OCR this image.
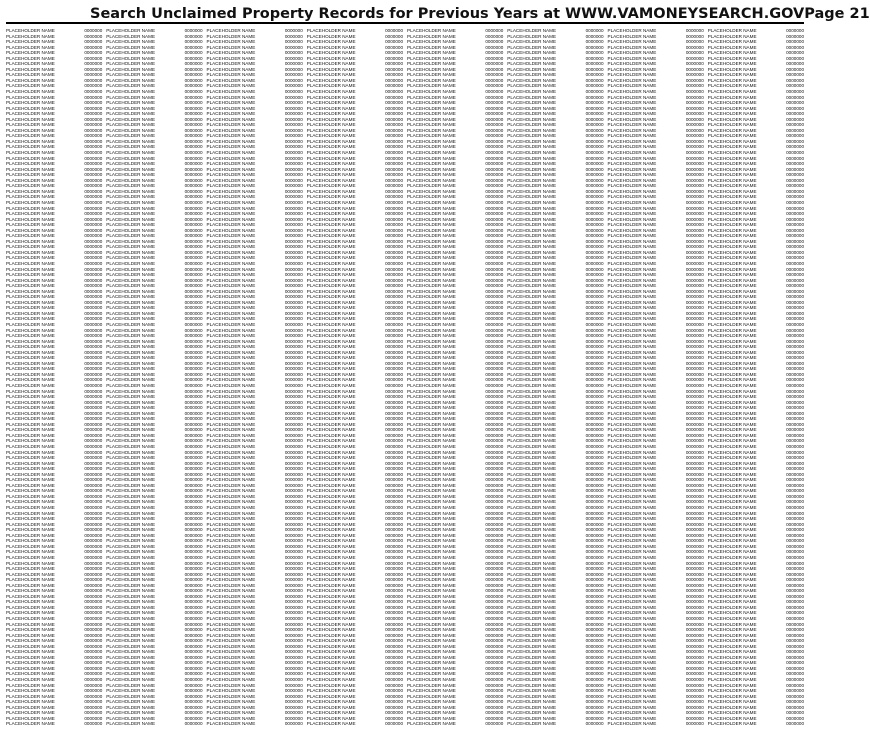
Search Unclaimed Property Records for Previous Years at WWW.VAMONEYSEARCH.GOV Page 21
PLACEHOLDER NAME	0000000
PLACEHOLDER NAME	0000000
PLACEHOLDER NAME	0000000
PLACEHOLDER NAME	0000000
PLACEHOLDER NAME	0000000
PLACEHOLDER NAME	0000000
PLACEHOLDER NAME	0000000
PLACEHOLDER NAME	0000000
PLACEHOLDER NAME	0000000
PLACEHOLDER NAME	0000000
PLACEHOLDER NAME	0000000
PLACEHOLDER NAME	0000000
PLACEHOLDER NAME	0000000
PLACEHOLDER NAME	0000000
PLACEHOLDER NAME	0000000
PLACEHOLDER NAME	0000000
PLACEHOLDER NAME	0000000
PLACEHOLDER NAME	0000000
PLACEHOLDER NAME	0000000
PLACEHOLDER NAME	0000000
PLACEHOLDER NAME	0000000
PLACEHOLDER NAME	0000000
PLACEHOLDER NAME	0000000
PLACEHOLDER NAME	0000000
PLACEHOLDER NAME	0000000
PLACEHOLDER NAME	0000000
PLACEHOLDER NAME	0000000
PLACEHOLDER NAME	0000000
PLACEHOLDER NAME	0000000
PLACEHOLDER NAME	0000000
PLACEHOLDER NAME	0000000
PLACEHOLDER NAME	0000000
PLACEHOLDER NAME	0000000
PLACEHOLDER NAME	0000000
PLACEHOLDER NAME	0000000
PLACEHOLDER NAME	0000000
PLACEHOLDER NAME	0000000
PLACEHOLDER NAME	0000000
PLACEHOLDER NAME	0000000
PLACEHOLDER NAME	0000000
PLACEHOLDER NAME	0000000
PLACEHOLDER NAME	0000000
PLACEHOLDER NAME	0000000
PLACEHOLDER NAME	0000000
PLACEHOLDER NAME	0000000
PLACEHOLDER NAME	0000000
PLACEHOLDER NAME	0000000
PLACEHOLDER NAME	0000000
PLACEHOLDER NAME	0000000
PLACEHOLDER NAME	0000000
PLACEHOLDER NAME	0000000
PLACEHOLDER NAME	0000000
PLACEHOLDER NAME	0000000
PLACEHOLDER NAME	0000000
PLACEHOLDER NAME	0000000
PLACEHOLDER NAME	0000000
PLACEHOLDER NAME	0000000
PLACEHOLDER NAME	0000000
PLACEHOLDER NAME	0000000
PLACEHOLDER NAME	0000000
PLACEHOLDER NAME	0000000
PLACEHOLDER NAME	0000000
PLACEHOLDER NAME	0000000
PLACEHOLDER NAME	0000000
PLACEHOLDER NAME	0000000
PLACEHOLDER NAME	0000000
PLACEHOLDER NAME	0000000
PLACEHOLDER NAME	0000000
PLACEHOLDER NAME	0000000
PLACEHOLDER NAME	0000000
PLACEHOLDER NAME	0000000
PLACEHOLDER NAME	0000000
PLACEHOLDER NAME	0000000
PLACEHOLDER NAME	0000000
PLACEHOLDER NAME	0000000
PLACEHOLDER NAME	0000000
PLACEHOLDER NAME	0000000
PLACEHOLDER NAME	0000000
PLACEHOLDER NAME	0000000
PLACEHOLDER NAME	0000000
PLACEHOLDER NAME	0000000
PLACEHOLDER NAME	0000000
PLACEHOLDER NAME	0000000
PLACEHOLDER NAME	0000000
PLACEHOLDER NAME	0000000
PLACEHOLDER NAME	0000000
PLACEHOLDER NAME	0000000
PLACEHOLDER NAME	0000000
PLACEHOLDER NAME	0000000
PLACEHOLDER NAME	0000000
PLACEHOLDER NAME	0000000
PLACEHOLDER NAME	0000000
PLACEHOLDER NAME	0000000
PLACEHOLDER NAME	0000000
PLACEHOLDER NAME	0000000
PLACEHOLDER NAME	0000000
PLACEHOLDER NAME	0000000
PLACEHOLDER NAME	0000000
PLACEHOLDER NAME	0000000
PLACEHOLDER NAME	0000000
PLACEHOLDER NAME	0000000
PLACEHOLDER NAME	0000000
PLACEHOLDER NAME	0000000
PLACEHOLDER NAME	0000000
PLACEHOLDER NAME	0000000
PLACEHOLDER NAME	0000000
PLACEHOLDER NAME	0000000
PLACEHOLDER NAME	0000000
PLACEHOLDER NAME	0000000
PLACEHOLDER NAME	0000000
PLACEHOLDER NAME	0000000
PLACEHOLDER NAME	0000000
PLACEHOLDER NAME	0000000
PLACEHOLDER NAME	0000000
PLACEHOLDER NAME	0000000
PLACEHOLDER NAME	0000000
PLACEHOLDER NAME	0000000
PLACEHOLDER NAME	0000000
PLACEHOLDER NAME	0000000
PLACEHOLDER NAME	0000000
PLACEHOLDER NAME	0000000
PLACEHOLDER NAME	0000000
PLACEHOLDER NAME	0000000
PLACEHOLDER NAME	0000000
PLACEHOLDER NAME	0000000
PLACEHOLDER NAME	0000000
PLACEHOLDER NAME	0000000
PLACEHOLDER NAME	0000000
PLACEHOLDER NAME	0000000
PLACEHOLDER NAME	0000000
PLACEHOLDER NAME	0000000
PLACEHOLDER NAME	0000000
PLACEHOLDER NAME	0000000
PLACEHOLDER NAME	0000000
PLACEHOLDER NAME	0000000
PLACEHOLDER NAME	0000000
PLACEHOLDER NAME	0000000
PLACEHOLDER NAME	0000000
PLACEHOLDER NAME	0000000
PLACEHOLDER NAME	0000000
PLACEHOLDER NAME	0000000
PLACEHOLDER NAME	0000000
PLACEHOLDER NAME	0000000
PLACEHOLDER NAME	0000000
PLACEHOLDER NAME	0000000
PLACEHOLDER NAME	0000000
PLACEHOLDER NAME	0000000
PLACEHOLDER NAME	0000000
PLACEHOLDER NAME	0000000
PLACEHOLDER NAME	0000000
PLACEHOLDER NAME	0000000
PLACEHOLDER NAME	0000000
PLACEHOLDER NAME	0000000
PLACEHOLDER NAME	0000000
PLACEHOLDER NAME	0000000
PLACEHOLDER NAME	0000000
PLACEHOLDER NAME	0000000
PLACEHOLDER NAME	0000000
PLACEHOLDER NAME	0000000
PLACEHOLDER NAME	0000000
PLACEHOLDER NAME	0000000
PLACEHOLDER NAME	0000000
PLACEHOLDER NAME	0000000
PLACEHOLDER NAME	0000000
PLACEHOLDER NAME	0000000
PLACEHOLDER NAME	0000000
PLACEHOLDER NAME	0000000
PLACEHOLDER NAME	0000000
PLACEHOLDER NAME	0000000
PLACEHOLDER NAME	0000000
PLACEHOLDER NAME	0000000
PLACEHOLDER NAME	0000000
PLACEHOLDER NAME	0000000
PLACEHOLDER NAME	0000000
PLACEHOLDER NAME	0000000
PLACEHOLDER NAME	0000000
PLACEHOLDER NAME	0000000
PLACEHOLDER NAME	0000000
PLACEHOLDER NAME	0000000
PLACEHOLDER NAME	0000000
PLACEHOLDER NAME	0000000
PLACEHOLDER NAME	0000000
PLACEHOLDER NAME	0000000
PLACEHOLDER NAME	0000000
PLACEHOLDER NAME	0000000
PLACEHOLDER NAME	0000000
PLACEHOLDER NAME	0000000
PLACEHOLDER NAME	0000000
PLACEHOLDER NAME	0000000
PLACEHOLDER NAME	0000000
PLACEHOLDER NAME	0000000
PLACEHOLDER NAME	0000000
PLACEHOLDER NAME	0000000
PLACEHOLDER NAME	0000000
PLACEHOLDER NAME	0000000
PLACEHOLDER NAME	0000000
PLACEHOLDER NAME	0000000
PLACEHOLDER NAME	0000000
PLACEHOLDER NAME	0000000
PLACEHOLDER NAME	0000000
PLACEHOLDER NAME	0000000
PLACEHOLDER NAME	0000000
PLACEHOLDER NAME	0000000
PLACEHOLDER NAME	0000000
PLACEHOLDER NAME	0000000
PLACEHOLDER NAME	0000000
PLACEHOLDER NAME	0000000
PLACEHOLDER NAME	0000000
PLACEHOLDER NAME	0000000
PLACEHOLDER NAME	0000000
PLACEHOLDER NAME	0000000
PLACEHOLDER NAME	0000000
PLACEHOLDER NAME	0000000
PLACEHOLDER NAME	0000000
PLACEHOLDER NAME	0000000
PLACEHOLDER NAME	0000000
PLACEHOLDER NAME	0000000
PLACEHOLDER NAME	0000000
PLACEHOLDER NAME	0000000
PLACEHOLDER NAME	0000000
PLACEHOLDER NAME	0000000
PLACEHOLDER NAME	0000000
PLACEHOLDER NAME	0000000
PLACEHOLDER NAME	0000000
PLACEHOLDER NAME	0000000
PLACEHOLDER NAME	0000000
PLACEHOLDER NAME	0000000
PLACEHOLDER NAME	0000000
PLACEHOLDER NAME	0000000
PLACEHOLDER NAME	0000000
PLACEHOLDER NAME	0000000
PLACEHOLDER NAME	0000000
PLACEHOLDER NAME	0000000
PLACEHOLDER NAME	0000000
PLACEHOLDER NAME	0000000
PLACEHOLDER NAME	0000000
PLACEHOLDER NAME	0000000
PLACEHOLDER NAME	0000000
PLACEHOLDER NAME	0000000
PLACEHOLDER NAME	0000000
PLACEHOLDER NAME	0000000
PLACEHOLDER NAME	0000000
PLACEHOLDER NAME	0000000
PLACEHOLDER NAME	0000000
PLACEHOLDER NAME	0000000
PLACEHOLDER NAME	0000000
PLACEHOLDER NAME	0000000
PLACEHOLDER NAME	0000000
PLACEHOLDER NAME	0000000
PLACEHOLDER NAME	0000000
PLACEHOLDER NAME	0000000
PLACEHOLDER NAME	0000000
PLACEHOLDER NAME	0000000
PLACEHOLDER NAME	0000000
PLACEHOLDER NAME	0000000
PLACEHOLDER NAME	0000000
PLACEHOLDER NAME	0000000
PLACEHOLDER NAME	0000000
PLACEHOLDER NAME	0000000
PLACEHOLDER NAME	0000000
PLACEHOLDER NAME	0000000
PLACEHOLDER NAME	0000000
PLACEHOLDER NAME	0000000
PLACEHOLDER NAME	0000000
PLACEHOLDER NAME	0000000
PLACEHOLDER NAME	0000000
PLACEHOLDER NAME	0000000
PLACEHOLDER NAME	0000000
PLACEHOLDER NAME	0000000
PLACEHOLDER NAME	0000000
PLACEHOLDER NAME	0000000
PLACEHOLDER NAME	0000000
PLACEHOLDER NAME	0000000
PLACEHOLDER NAME	0000000
PLACEHOLDER NAME	0000000
PLACEHOLDER NAME	0000000
PLACEHOLDER NAME	0000000
PLACEHOLDER NAME	0000000
PLACEHOLDER NAME	0000000
PLACEHOLDER NAME	0000000
PLACEHOLDER NAME	0000000
PLACEHOLDER NAME	0000000
PLACEHOLDER NAME	0000000
PLACEHOLDER NAME	0000000
PLACEHOLDER NAME	0000000
PLACEHOLDER NAME	0000000
PLACEHOLDER NAME	0000000
PLACEHOLDER NAME	0000000
PLACEHOLDER NAME	0000000
PLACEHOLDER NAME	0000000
PLACEHOLDER NAME	0000000
PLACEHOLDER NAME	0000000
PLACEHOLDER NAME	0000000
PLACEHOLDER NAME	0000000
PLACEHOLDER NAME	0000000
PLACEHOLDER NAME	0000000
PLACEHOLDER NAME	0000000
PLACEHOLDER NAME	0000000
PLACEHOLDER NAME	0000000
PLACEHOLDER NAME	0000000
PLACEHOLDER NAME	0000000
PLACEHOLDER NAME	0000000
PLACEHOLDER NAME	0000000
PLACEHOLDER NAME	0000000
PLACEHOLDER NAME	0000000
PLACEHOLDER NAME	0000000
PLACEHOLDER NAME	0000000
PLACEHOLDER NAME	0000000
PLACEHOLDER NAME	0000000
PLACEHOLDER NAME	0000000
PLACEHOLDER NAME	0000000
PLACEHOLDER NAME	0000000
PLACEHOLDER NAME	0000000
PLACEHOLDER NAME	0000000
PLACEHOLDER NAME	0000000
PLACEHOLDER NAME	0000000
PLACEHOLDER NAME	0000000
PLACEHOLDER NAME	0000000
PLACEHOLDER NAME	0000000
PLACEHOLDER NAME	0000000
PLACEHOLDER NAME	0000000
PLACEHOLDER NAME	0000000
PLACEHOLDER NAME	0000000
PLACEHOLDER NAME	0000000
PLACEHOLDER NAME	0000000
PLACEHOLDER NAME	0000000
PLACEHOLDER NAME	0000000
PLACEHOLDER NAME	0000000
PLACEHOLDER NAME	0000000
PLACEHOLDER NAME	0000000
PLACEHOLDER NAME	0000000
PLACEHOLDER NAME	0000000
PLACEHOLDER NAME	0000000
PLACEHOLDER NAME	0000000
PLACEHOLDER NAME	0000000
PLACEHOLDER NAME	0000000
PLACEHOLDER NAME	0000000
PLACEHOLDER NAME	0000000
PLACEHOLDER NAME	0000000
PLACEHOLDER NAME	0000000
PLACEHOLDER NAME	0000000
PLACEHOLDER NAME	0000000
PLACEHOLDER NAME	0000000
PLACEHOLDER NAME	0000000
PLACEHOLDER NAME	0000000
PLACEHOLDER NAME	0000000
PLACEHOLDER NAME	0000000
PLACEHOLDER NAME	0000000
PLACEHOLDER NAME	0000000
PLACEHOLDER NAME	0000000
PLACEHOLDER NAME	0000000
PLACEHOLDER NAME	0000000
PLACEHOLDER NAME	0000000
PLACEHOLDER NAME	0000000
PLACEHOLDER NAME	0000000
PLACEHOLDER NAME	0000000
PLACEHOLDER NAME	0000000
PLACEHOLDER NAME	0000000
PLACEHOLDER NAME	0000000
PLACEHOLDER NAME	0000000
PLACEHOLDER NAME	0000000
PLACEHOLDER NAME	0000000
PLACEHOLDER NAME	0000000
PLACEHOLDER NAME	0000000
PLACEHOLDER NAME	0000000
PLACEHOLDER NAME	0000000
PLACEHOLDER NAME	0000000
PLACEHOLDER NAME	0000000
PLACEHOLDER NAME	0000000
PLACEHOLDER NAME	0000000
PLACEHOLDER NAME	0000000
PLACEHOLDER NAME	0000000
PLACEHOLDER NAME	0000000
PLACEHOLDER NAME	0000000
PLACEHOLDER NAME	0000000
PLACEHOLDER NAME	0000000
PLACEHOLDER NAME	0000000
PLACEHOLDER NAME	0000000
PLACEHOLDER NAME	0000000
PLACEHOLDER NAME	0000000
PLACEHOLDER NAME	0000000
PLACEHOLDER NAME	0000000
PLACEHOLDER NAME	0000000
PLACEHOLDER NAME	0000000
PLACEHOLDER NAME	0000000
PLACEHOLDER NAME	0000000
PLACEHOLDER NAME	0000000
PLACEHOLDER NAME	0000000
PLACEHOLDER NAME	0000000
PLACEHOLDER NAME	0000000
PLACEHOLDER NAME	0000000
PLACEHOLDER NAME	0000000
PLACEHOLDER NAME	0000000
PLACEHOLDER NAME	0000000
PLACEHOLDER NAME	0000000
PLACEHOLDER NAME	0000000
PLACEHOLDER NAME	0000000
PLACEHOLDER NAME	0000000
PLACEHOLDER NAME	0000000
PLACEHOLDER NAME	0000000
PLACEHOLDER NAME	0000000
PLACEHOLDER NAME	0000000
PLACEHOLDER NAME	0000000
PLACEHOLDER NAME	0000000
PLACEHOLDER NAME	0000000
PLACEHOLDER NAME	0000000
PLACEHOLDER NAME	0000000
PLACEHOLDER NAME	0000000
PLACEHOLDER NAME	0000000
PLACEHOLDER NAME	0000000
PLACEHOLDER NAME	0000000
PLACEHOLDER NAME	0000000
PLACEHOLDER NAME	0000000
PLACEHOLDER NAME	0000000
PLACEHOLDER NAME	0000000
PLACEHOLDER NAME	0000000
PLACEHOLDER NAME	0000000
PLACEHOLDER NAME	0000000
PLACEHOLDER NAME	0000000
PLACEHOLDER NAME	0000000
PLACEHOLDER NAME	0000000
PLACEHOLDER NAME	0000000
PLACEHOLDER NAME	0000000
PLACEHOLDER NAME	0000000
PLACEHOLDER NAME	0000000
PLACEHOLDER NAME	0000000
PLACEHOLDER NAME	0000000
PLACEHOLDER NAME	0000000
PLACEHOLDER NAME	0000000
PLACEHOLDER NAME	0000000
PLACEHOLDER NAME	0000000
PLACEHOLDER NAME	0000000
PLACEHOLDER NAME	0000000
PLACEHOLDER NAME	0000000
PLACEHOLDER NAME	0000000
PLACEHOLDER NAME	0000000
PLACEHOLDER NAME	0000000
PLACEHOLDER NAME	0000000
PLACEHOLDER NAME	0000000
PLACEHOLDER NAME	0000000
PLACEHOLDER NAME	0000000
PLACEHOLDER NAME	0000000
PLACEHOLDER NAME	0000000
PLACEHOLDER NAME	0000000
PLACEHOLDER NAME	0000000
PLACEHOLDER NAME	0000000
PLACEHOLDER NAME	0000000
PLACEHOLDER NAME	0000000
PLACEHOLDER NAME	0000000
PLACEHOLDER NAME	0000000
PLACEHOLDER NAME	0000000
PLACEHOLDER NAME	0000000
PLACEHOLDER NAME	0000000
PLACEHOLDER NAME	0000000
PLACEHOLDER NAME	0000000
PLACEHOLDER NAME	0000000
PLACEHOLDER NAME	0000000
PLACEHOLDER NAME	0000000
PLACEHOLDER NAME	0000000
PLACEHOLDER NAME	0000000
PLACEHOLDER NAME	0000000
PLACEHOLDER NAME	0000000
PLACEHOLDER NAME	0000000
PLACEHOLDER NAME	0000000
PLACEHOLDER NAME	0000000
PLACEHOLDER NAME	0000000
PLACEHOLDER NAME	0000000
PLACEHOLDER NAME	0000000
PLACEHOLDER NAME	0000000
PLACEHOLDER NAME	0000000
PLACEHOLDER NAME	0000000
PLACEHOLDER NAME	0000000
PLACEHOLDER NAME	0000000
PLACEHOLDER NAME	0000000
PLACEHOLDER NAME	0000000
PLACEHOLDER NAME	0000000
PLACEHOLDER NAME	0000000
PLACEHOLDER NAME	0000000
PLACEHOLDER NAME	0000000
PLACEHOLDER NAME	0000000
PLACEHOLDER NAME	0000000
PLACEHOLDER NAME	0000000
PLACEHOLDER NAME	0000000
PLACEHOLDER NAME	0000000
PLACEHOLDER NAME	0000000
PLACEHOLDER NAME	0000000
PLACEHOLDER NAME	0000000
PLACEHOLDER NAME	0000000
PLACEHOLDER NAME	0000000
PLACEHOLDER NAME	0000000
PLACEHOLDER NAME	0000000
PLACEHOLDER NAME	0000000
PLACEHOLDER NAME	0000000
PLACEHOLDER NAME	0000000
PLACEHOLDER NAME	0000000
PLACEHOLDER NAME	0000000
PLACEHOLDER NAME	0000000
PLACEHOLDER NAME	0000000
PLACEHOLDER NAME	0000000
PLACEHOLDER NAME	0000000
PLACEHOLDER NAME	0000000
PLACEHOLDER NAME	0000000
PLACEHOLDER NAME	0000000
PLACEHOLDER NAME	0000000
PLACEHOLDER NAME	0000000
PLACEHOLDER NAME	0000000
PLACEHOLDER NAME	0000000
PLACEHOLDER NAME	0000000
PLACEHOLDER NAME	0000000
PLACEHOLDER NAME	0000000
PLACEHOLDER NAME	0000000
PLACEHOLDER NAME	0000000
PLACEHOLDER NAME	0000000
PLACEHOLDER NAME	0000000
PLACEHOLDER NAME	0000000
PLACEHOLDER NAME	0000000
PLACEHOLDER NAME	0000000
PLACEHOLDER NAME	0000000
PLACEHOLDER NAME	0000000
PLACEHOLDER NAME	0000000
PLACEHOLDER NAME	0000000
PLACEHOLDER NAME	0000000
PLACEHOLDER NAME	0000000
PLACEHOLDER NAME	0000000
PLACEHOLDER NAME	0000000
PLACEHOLDER NAME	0000000
PLACEHOLDER NAME	0000000
PLACEHOLDER NAME	0000000
PLACEHOLDER NAME	0000000
PLACEHOLDER NAME	0000000
PLACEHOLDER NAME	0000000
PLACEHOLDER NAME	0000000
PLACEHOLDER NAME	0000000
PLACEHOLDER NAME	0000000
PLACEHOLDER NAME	0000000
PLACEHOLDER NAME	0000000
PLACEHOLDER NAME	0000000
PLACEHOLDER NAME	0000000
PLACEHOLDER NAME	0000000
PLACEHOLDER NAME	0000000
PLACEHOLDER NAME	0000000
PLACEHOLDER NAME	0000000
PLACEHOLDER NAME	0000000
PLACEHOLDER NAME	0000000
PLACEHOLDER NAME	0000000
PLACEHOLDER NAME	0000000
PLACEHOLDER NAME	0000000
PLACEHOLDER NAME	0000000
PLACEHOLDER NAME	0000000
PLACEHOLDER NAME	0000000
PLACEHOLDER NAME	0000000
PLACEHOLDER NAME	0000000
PLACEHOLDER NAME	0000000
PLACEHOLDER NAME	0000000
PLACEHOLDER NAME	0000000
PLACEHOLDER NAME	0000000
PLACEHOLDER NAME	0000000
PLACEHOLDER NAME	0000000
PLACEHOLDER NAME	0000000
PLACEHOLDER NAME	0000000
PLACEHOLDER NAME	0000000
PLACEHOLDER NAME	0000000
PLACEHOLDER NAME	0000000
PLACEHOLDER NAME	0000000
PLACEHOLDER NAME	0000000
PLACEHOLDER NAME	0000000
PLACEHOLDER NAME	0000000
PLACEHOLDER NAME	0000000
PLACEHOLDER NAME	0000000
PLACEHOLDER NAME	0000000
PLACEHOLDER NAME	0000000
PLACEHOLDER NAME	0000000
PLACEHOLDER NAME	0000000
PLACEHOLDER NAME	0000000
PLACEHOLDER NAME	0000000
PLACEHOLDER NAME	0000000
PLACEHOLDER NAME	0000000
PLACEHOLDER NAME	0000000
PLACEHOLDER NAME	0000000
PLACEHOLDER NAME	0000000
PLACEHOLDER NAME	0000000
PLACEHOLDER NAME	0000000
PLACEHOLDER NAME	0000000
PLACEHOLDER NAME	0000000
PLACEHOLDER NAME	0000000
PLACEHOLDER NAME	0000000
PLACEHOLDER NAME	0000000
PLACEHOLDER NAME	0000000
PLACEHOLDER NAME	0000000
PLACEHOLDER NAME	0000000
PLACEHOLDER NAME	0000000
PLACEHOLDER NAME	0000000
PLACEHOLDER NAME	0000000
PLACEHOLDER NAME	0000000
PLACEHOLDER NAME	0000000
PLACEHOLDER NAME	0000000
PLACEHOLDER NAME	0000000
PLACEHOLDER NAME	0000000
PLACEHOLDER NAME	0000000
PLACEHOLDER NAME	0000000
PLACEHOLDER NAME	0000000
PLACEHOLDER NAME	0000000
PLACEHOLDER NAME	0000000
PLACEHOLDER NAME	0000000
PLACEHOLDER NAME	0000000
PLACEHOLDER NAME	0000000
PLACEHOLDER NAME	0000000
PLACEHOLDER NAME	0000000
PLACEHOLDER NAME	0000000
PLACEHOLDER NAME	0000000
PLACEHOLDER NAME	0000000
PLACEHOLDER NAME	0000000
PLACEHOLDER NAME	0000000
PLACEHOLDER NAME	0000000
PLACEHOLDER NAME	0000000
PLACEHOLDER NAME	0000000
PLACEHOLDER NAME	0000000
PLACEHOLDER NAME	0000000
PLACEHOLDER NAME	0000000
PLACEHOLDER NAME	0000000
PLACEHOLDER NAME	0000000
PLACEHOLDER NAME	0000000
PLACEHOLDER NAME	0000000
PLACEHOLDER NAME	0000000
PLACEHOLDER NAME	0000000
PLACEHOLDER NAME	0000000
PLACEHOLDER NAME	0000000
PLACEHOLDER NAME	0000000
PLACEHOLDER NAME	0000000
PLACEHOLDER NAME	0000000
PLACEHOLDER NAME	0000000
PLACEHOLDER NAME	0000000
PLACEHOLDER NAME	0000000
PLACEHOLDER NAME	0000000
PLACEHOLDER NAME	0000000
PLACEHOLDER NAME	0000000
PLACEHOLDER NAME	0000000
PLACEHOLDER NAME	0000000
PLACEHOLDER NAME	0000000
PLACEHOLDER NAME	0000000
PLACEHOLDER NAME	0000000
PLACEHOLDER NAME	0000000
PLACEHOLDER NAME	0000000
PLACEHOLDER NAME	0000000
PLACEHOLDER NAME	0000000
PLACEHOLDER NAME	0000000
PLACEHOLDER NAME	0000000
PLACEHOLDER NAME	0000000
PLACEHOLDER NAME	0000000
PLACEHOLDER NAME	0000000
PLACEHOLDER NAME	0000000
PLACEHOLDER NAME	0000000
PLACEHOLDER NAME	0000000
PLACEHOLDER NAME	0000000
PLACEHOLDER NAME	0000000
PLACEHOLDER NAME	0000000
PLACEHOLDER NAME	0000000
PLACEHOLDER NAME	0000000
PLACEHOLDER NAME	0000000
PLACEHOLDER NAME	0000000
PLACEHOLDER NAME	0000000
PLACEHOLDER NAME	0000000
PLACEHOLDER NAME	0000000
PLACEHOLDER NAME	0000000
PLACEHOLDER NAME	0000000
PLACEHOLDER NAME	0000000
PLACEHOLDER NAME	0000000
PLACEHOLDER NAME	0000000
PLACEHOLDER NAME	0000000
PLACEHOLDER NAME	0000000
PLACEHOLDER NAME	0000000
PLACEHOLDER NAME	0000000
PLACEHOLDER NAME	0000000
PLACEHOLDER NAME	0000000
PLACEHOLDER NAME	0000000
PLACEHOLDER NAME	0000000
PLACEHOLDER NAME	0000000
PLACEHOLDER NAME	0000000
PLACEHOLDER NAME	0000000
PLACEHOLDER NAME	0000000
PLACEHOLDER NAME	0000000
PLACEHOLDER NAME	0000000
PLACEHOLDER NAME	0000000
PLACEHOLDER NAME	0000000
PLACEHOLDER NAME	0000000
PLACEHOLDER NAME	0000000
PLACEHOLDER NAME	0000000
PLACEHOLDER NAME	0000000
PLACEHOLDER NAME	0000000
PLACEHOLDER NAME	0000000
PLACEHOLDER NAME	0000000
PLACEHOLDER NAME	0000000
PLACEHOLDER NAME	0000000
PLACEHOLDER NAME	0000000
PLACEHOLDER NAME	0000000
PLACEHOLDER NAME	0000000
PLACEHOLDER NAME	0000000
PLACEHOLDER NAME	0000000
PLACEHOLDER NAME	0000000
PLACEHOLDER NAME	0000000
PLACEHOLDER NAME	0000000
PLACEHOLDER NAME	0000000
PLACEHOLDER NAME	0000000
PLACEHOLDER NAME	0000000
PLACEHOLDER NAME	0000000
PLACEHOLDER NAME	0000000
PLACEHOLDER NAME	0000000
PLACEHOLDER NAME	0000000
PLACEHOLDER NAME	0000000
PLACEHOLDER NAME	0000000
PLACEHOLDER NAME	0000000
PLACEHOLDER NAME	0000000
PLACEHOLDER NAME	0000000
PLACEHOLDER NAME	0000000
PLACEHOLDER NAME	0000000
PLACEHOLDER NAME	0000000
PLACEHOLDER NAME	0000000
PLACEHOLDER NAME	0000000
PLACEHOLDER NAME	0000000
PLACEHOLDER NAME	0000000
PLACEHOLDER NAME	0000000
PLACEHOLDER NAME	0000000
PLACEHOLDER NAME	0000000
PLACEHOLDER NAME	0000000
PLACEHOLDER NAME	0000000
PLACEHOLDER NAME	0000000
PLACEHOLDER NAME	0000000
PLACEHOLDER NAME	0000000
PLACEHOLDER NAME	0000000
PLACEHOLDER NAME	0000000
PLACEHOLDER NAME	0000000
PLACEHOLDER NAME	0000000
PLACEHOLDER NAME	0000000
PLACEHOLDER NAME	0000000
PLACEHOLDER NAME	0000000
PLACEHOLDER NAME	0000000
PLACEHOLDER NAME	0000000
PLACEHOLDER NAME	0000000
PLACEHOLDER NAME	0000000
PLACEHOLDER NAME	0000000
PLACEHOLDER NAME	0000000
PLACEHOLDER NAME	0000000
PLACEHOLDER NAME	0000000
PLACEHOLDER NAME	0000000
PLACEHOLDER NAME	0000000
PLACEHOLDER NAME	0000000
PLACEHOLDER NAME	0000000
PLACEHOLDER NAME	0000000
PLACEHOLDER NAME	0000000
PLACEHOLDER NAME	0000000
PLACEHOLDER NAME	0000000
PLACEHOLDER NAME	0000000
PLACEHOLDER NAME	0000000
PLACEHOLDER NAME	0000000
PLACEHOLDER NAME	0000000
PLACEHOLDER NAME	0000000
PLACEHOLDER NAME	0000000
PLACEHOLDER NAME	0000000
PLACEHOLDER NAME	0000000
PLACEHOLDER NAME	0000000
PLACEHOLDER NAME	0000000
PLACEHOLDER NAME	0000000
PLACEHOLDER NAME	0000000
PLACEHOLDER NAME	0000000
PLACEHOLDER NAME	0000000
PLACEHOLDER NAME	0000000
PLACEHOLDER NAME	0000000
PLACEHOLDER NAME	0000000
PLACEHOLDER NAME	0000000
PLACEHOLDER NAME	0000000
PLACEHOLDER NAME	0000000
PLACEHOLDER NAME	0000000
PLACEHOLDER NAME	0000000
PLACEHOLDER NAME	0000000
PLACEHOLDER NAME	0000000
PLACEHOLDER NAME	0000000
PLACEHOLDER NAME	0000000
PLACEHOLDER NAME	0000000
PLACEHOLDER NAME	0000000
PLACEHOLDER NAME	0000000
PLACEHOLDER NAME	0000000
PLACEHOLDER NAME	0000000
PLACEHOLDER NAME	0000000
PLACEHOLDER NAME	0000000
PLACEHOLDER NAME	0000000
PLACEHOLDER NAME	0000000
PLACEHOLDER NAME	0000000
PLACEHOLDER NAME	0000000
PLACEHOLDER NAME	0000000
PLACEHOLDER NAME	0000000
PLACEHOLDER NAME	0000000
PLACEHOLDER NAME	0000000
PLACEHOLDER NAME	0000000
PLACEHOLDER NAME	0000000
PLACEHOLDER NAME	0000000
PLACEHOLDER NAME	0000000
PLACEHOLDER NAME	0000000
PLACEHOLDER NAME	0000000
PLACEHOLDER NAME	0000000
PLACEHOLDER NAME	0000000
PLACEHOLDER NAME	0000000
PLACEHOLDER NAME	0000000
PLACEHOLDER NAME	0000000
PLACEHOLDER NAME	0000000
PLACEHOLDER NAME	0000000
PLACEHOLDER NAME	0000000
PLACEHOLDER NAME	0000000
PLACEHOLDER NAME	0000000
PLACEHOLDER NAME	0000000
PLACEHOLDER NAME	0000000
PLACEHOLDER NAME	0000000
PLACEHOLDER NAME	0000000
PLACEHOLDER NAME	0000000
PLACEHOLDER NAME	0000000
PLACEHOLDER NAME	0000000
PLACEHOLDER NAME	0000000
PLACEHOLDER NAME	0000000
PLACEHOLDER NAME	0000000
PLACEHOLDER NAME	0000000
PLACEHOLDER NAME	0000000
PLACEHOLDER NAME	0000000
PLACEHOLDER NAME	0000000
PLACEHOLDER NAME	0000000
PLACEHOLDER NAME	0000000
PLACEHOLDER NAME	0000000
PLACEHOLDER NAME	0000000
PLACEHOLDER NAME	0000000
PLACEHOLDER NAME	0000000
PLACEHOLDER NAME	0000000
PLACEHOLDER NAME	0000000
PLACEHOLDER NAME	0000000
PLACEHOLDER NAME	0000000
PLACEHOLDER NAME	0000000
PLACEHOLDER NAME	0000000
PLACEHOLDER NAME	0000000
PLACEHOLDER NAME	0000000
PLACEHOLDER NAME	0000000
PLACEHOLDER NAME	0000000
PLACEHOLDER NAME	0000000
PLACEHOLDER NAME	0000000
PLACEHOLDER NAME	0000000
PLACEHOLDER NAME	0000000
PLACEHOLDER NAME	0000000
PLACEHOLDER NAME	0000000
PLACEHOLDER NAME	0000000
PLACEHOLDER NAME	0000000
PLACEHOLDER NAME	0000000
PLACEHOLDER NAME	0000000
PLACEHOLDER NAME	0000000
PLACEHOLDER NAME	0000000
PLACEHOLDER NAME	0000000
PLACEHOLDER NAME	0000000
PLACEHOLDER NAME	0000000
PLACEHOLDER NAME	0000000
PLACEHOLDER NAME	0000000
PLACEHOLDER NAME	0000000
PLACEHOLDER NAME	0000000
PLACEHOLDER NAME	0000000
PLACEHOLDER NAME	0000000
PLACEHOLDER NAME	0000000
PLACEHOLDER NAME	0000000
PLACEHOLDER NAME	0000000
PLACEHOLDER NAME	0000000
PLACEHOLDER NAME	0000000
PLACEHOLDER NAME	0000000
PLACEHOLDER NAME	0000000
PLACEHOLDER NAME	0000000
PLACEHOLDER NAME	0000000
PLACEHOLDER NAME	0000000
PLACEHOLDER NAME	0000000
PLACEHOLDER NAME	0000000
PLACEHOLDER NAME	0000000
PLACEHOLDER NAME	0000000
PLACEHOLDER NAME	0000000
PLACEHOLDER NAME	0000000
PLACEHOLDER NAME	0000000
PLACEHOLDER NAME	0000000
PLACEHOLDER NAME	0000000
PLACEHOLDER NAME	0000000
PLACEHOLDER NAME	0000000
PLACEHOLDER NAME	0000000
PLACEHOLDER NAME	0000000
PLACEHOLDER NAME	0000000
PLACEHOLDER NAME	0000000
PLACEHOLDER NAME	0000000
PLACEHOLDER NAME	0000000
PLACEHOLDER NAME	0000000
PLACEHOLDER NAME	0000000
PLACEHOLDER NAME	0000000
PLACEHOLDER NAME	0000000
PLACEHOLDER NAME	0000000
PLACEHOLDER NAME	0000000
PLACEHOLDER NAME	0000000
PLACEHOLDER NAME	0000000
PLACEHOLDER NAME	0000000
PLACEHOLDER NAME	0000000
PLACEHOLDER NAME	0000000
PLACEHOLDER NAME	0000000
PLACEHOLDER NAME	0000000
PLACEHOLDER NAME	0000000
PLACEHOLDER NAME	0000000
PLACEHOLDER NAME	0000000
PLACEHOLDER NAME	0000000
PLACEHOLDER NAME	0000000
PLACEHOLDER NAME	0000000
PLACEHOLDER NAME	0000000
PLACEHOLDER NAME	0000000
PLACEHOLDER NAME	0000000
PLACEHOLDER NAME	0000000
PLACEHOLDER NAME	0000000
PLACEHOLDER NAME	0000000
PLACEHOLDER NAME	0000000
PLACEHOLDER NAME	0000000
PLACEHOLDER NAME	0000000
PLACEHOLDER NAME	0000000
PLACEHOLDER NAME	0000000
PLACEHOLDER NAME	0000000
PLACEHOLDER NAME	0000000
PLACEHOLDER NAME	0000000
PLACEHOLDER NAME	0000000
PLACEHOLDER NAME	0000000
PLACEHOLDER NAME	0000000
PLACEHOLDER NAME	0000000
PLACEHOLDER NAME	0000000
PLACEHOLDER NAME	0000000
PLACEHOLDER NAME	0000000
PLACEHOLDER NAME	0000000
PLACEHOLDER NAME	0000000
PLACEHOLDER NAME	0000000
PLACEHOLDER NAME	0000000
PLACEHOLDER NAME	0000000
PLACEHOLDER NAME	0000000
PLACEHOLDER NAME	0000000
PLACEHOLDER NAME	0000000
PLACEHOLDER NAME	0000000
PLACEHOLDER NAME	0000000
PLACEHOLDER NAME	0000000
PLACEHOLDER NAME	0000000
PLACEHOLDER NAME	0000000
PLACEHOLDER NAME	0000000
PLACEHOLDER NAME	0000000
PLACEHOLDER NAME	0000000
PLACEHOLDER NAME	0000000
PLACEHOLDER NAME	0000000
PLACEHOLDER NAME	0000000
PLACEHOLDER NAME	0000000
PLACEHOLDER NAME	0000000
PLACEHOLDER NAME	0000000
PLACEHOLDER NAME	0000000
PLACEHOLDER NAME	0000000
PLACEHOLDER NAME	0000000
PLACEHOLDER NAME	0000000
PLACEHOLDER NAME	0000000
PLACEHOLDER NAME	0000000
PLACEHOLDER NAME	0000000
PLACEHOLDER NAME	0000000
PLACEHOLDER NAME	0000000
PLACEHOLDER NAME	0000000
PLACEHOLDER NAME	0000000
PLACEHOLDER NAME	0000000
PLACEHOLDER NAME	0000000
PLACEHOLDER NAME	0000000
PLACEHOLDER NAME	0000000
PLACEHOLDER NAME	0000000
PLACEHOLDER NAME	0000000
PLACEHOLDER NAME	0000000
PLACEHOLDER NAME	0000000
PLACEHOLDER NAME	0000000
PLACEHOLDER NAME	0000000
PLACEHOLDER NAME	0000000
PLACEHOLDER NAME	0000000
PLACEHOLDER NAME	0000000
PLACEHOLDER NAME	0000000
PLACEHOLDER NAME	0000000
PLACEHOLDER NAME	0000000
PLACEHOLDER NAME	0000000
PLACEHOLDER NAME	0000000
PLACEHOLDER NAME	0000000
PLACEHOLDER NAME	0000000
PLACEHOLDER NAME	0000000
PLACEHOLDER NAME	0000000
PLACEHOLDER NAME	0000000
PLACEHOLDER NAME	0000000
PLACEHOLDER NAME	0000000
PLACEHOLDER NAME	0000000
PLACEHOLDER NAME	0000000
PLACEHOLDER NAME	0000000
PLACEHOLDER NAME	0000000
PLACEHOLDER NAME	0000000
PLACEHOLDER NAME	0000000
PLACEHOLDER NAME	0000000
PLACEHOLDER NAME	0000000
PLACEHOLDER NAME	0000000
PLACEHOLDER NAME	0000000
PLACEHOLDER NAME	0000000
PLACEHOLDER NAME	0000000
PLACEHOLDER NAME	0000000
PLACEHOLDER NAME	0000000
PLACEHOLDER NAME	0000000
PLACEHOLDER NAME	0000000
PLACEHOLDER NAME	0000000
PLACEHOLDER NAME	0000000
PLACEHOLDER NAME	0000000
PLACEHOLDER NAME	0000000
PLACEHOLDER NAME	0000000
PLACEHOLDER NAME	0000000
PLACEHOLDER NAME	0000000
PLACEHOLDER NAME	0000000
